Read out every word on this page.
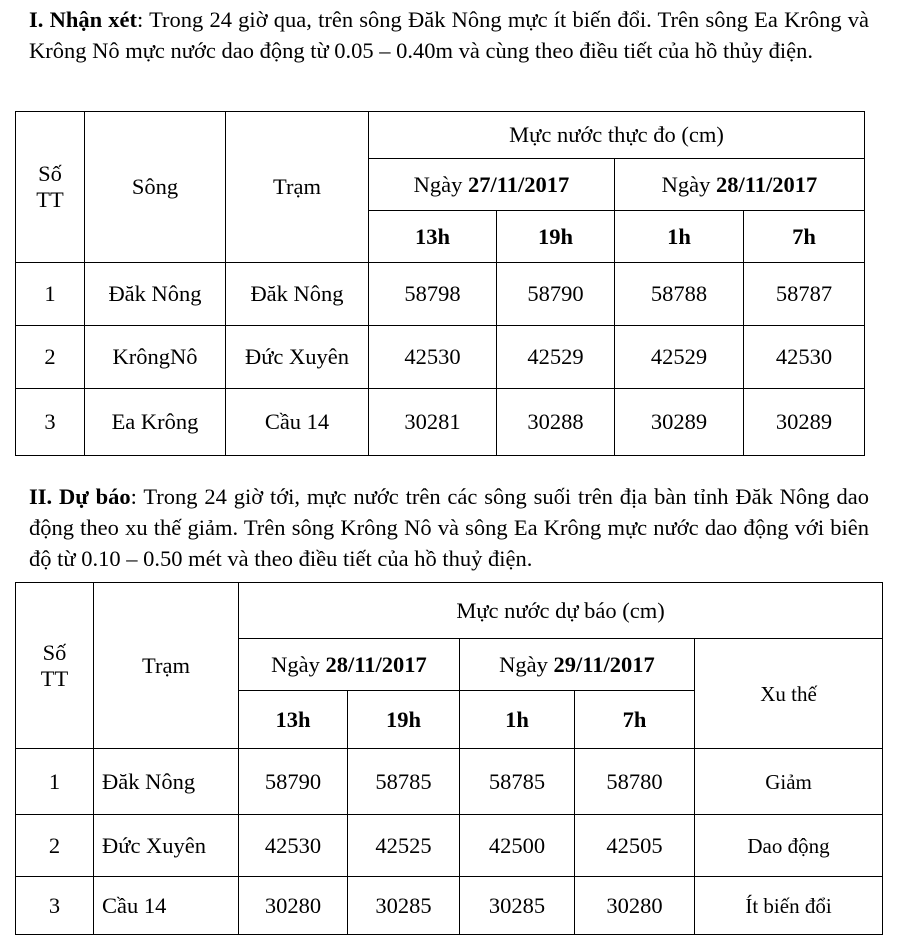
I. Nhận xét: Trong 24 giờ qua, trên sông Đăk Nông mực ít biến đổi. Trên sông Ea Krông và Krông Nô mực nước dao động từ 0.05 – 0.40m và cùng theo điều tiết của hồ thủy điện.
Số TT	Sông	Trạm	Mực nước thực đo (cm)			
			Ngày 27/11/2017		Ngày 28/11/2017	
			13h	19h	1h	7h
1	Đăk Nông	Đăk Nông	58798	58790	58788	58787
2	KrôngNô	Đức Xuyên	42530	42529	42529	42530
3	Ea Krông	Cầu 14	30281	30288	30289	30289
II. Dự báo: Trong 24 giờ tới, mực nước trên các sông suối trên địa bàn tỉnh Đăk Nông dao động theo xu thế giảm. Trên sông Krông Nô và sông Ea Krông mực nước dao động với biên độ từ 0.10 – 0.50 mét và theo điều tiết của hồ thuỷ điện.
Số TT	Trạm	Mực nước dự báo (cm)				
		Ngày 28/11/2017		Ngày 29/11/2017		Xu thế
		13h	19h	1h	7h	
1	Đăk Nông	58790	58785	58785	58780	Giảm
2	Đức Xuyên	42530	42525	42500	42505	Dao động
3	Cầu 14	30280	30285	30285	30280	Ít biến đổi
